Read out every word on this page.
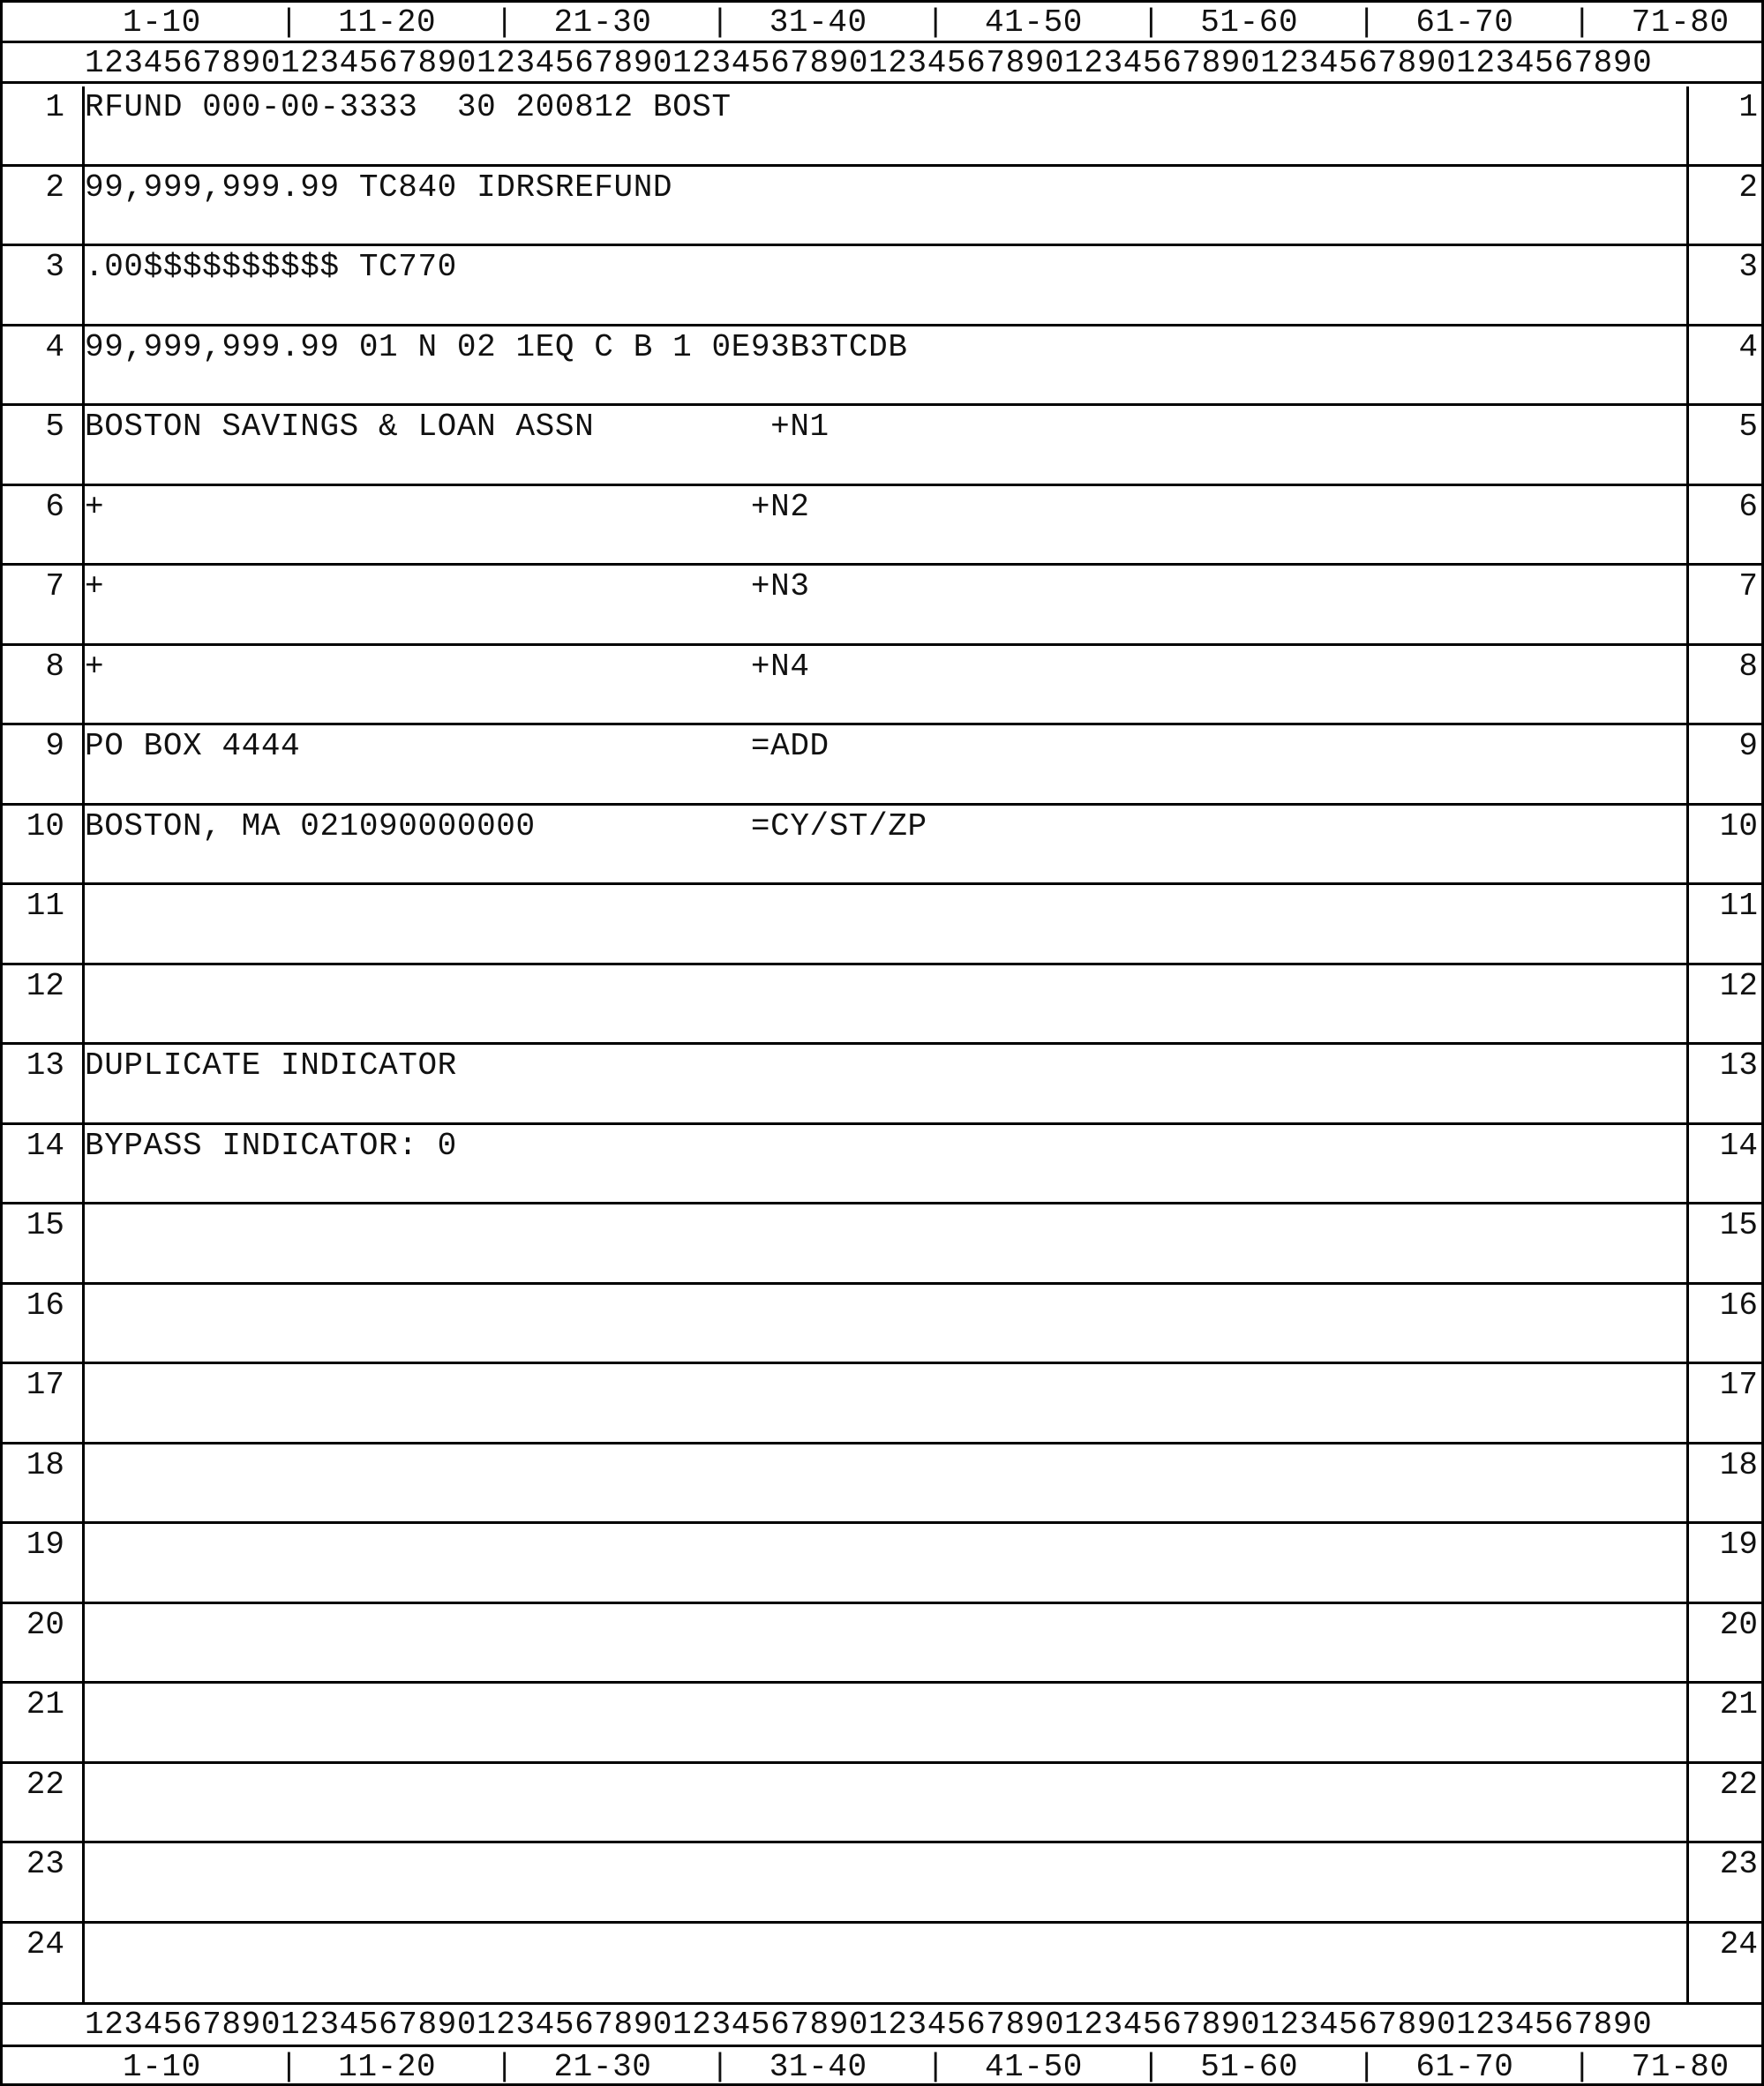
1-10    |  11-20   |  21-30   |  31-40   |  41-50   |  51-60   |  61-70   |  71-80
12345678901234567890123456789012345678901234567890123456789012345678901234567890
1 RFUND 000-00-3333  30 200812 BOST	1
2 99,999,999.99 TC840 IDRSREFUND	2
3 .00$$$$$$$$$$ TC770	3
4 99,999,999.99 01 N 02 1EQ C B 1 0E93B3TCDB	4
5 BOSTON SAVINGS & LOAN ASSN         +N1	5
6 +                                 +N2	6
7 +                                 +N3	7
8 +                                 +N4	8
9 PO BOX 4444                       =ADD	9
10 BOSTON, MA 021090000000           =CY/ST/ZP	10
11	11
12	12
13 DUPLICATE INDICATOR	13
14 BYPASS INDICATOR: 0	14
15	15
16	16
17	17
18	18
19	19
20	20
21	21
22	22
23	23
24	24
12345678901234567890123456789012345678901234567890123456789012345678901234567890
1-10    |  11-20   |  21-30   |  31-40   |  41-50   |  51-60   |  61-70   |  71-80
